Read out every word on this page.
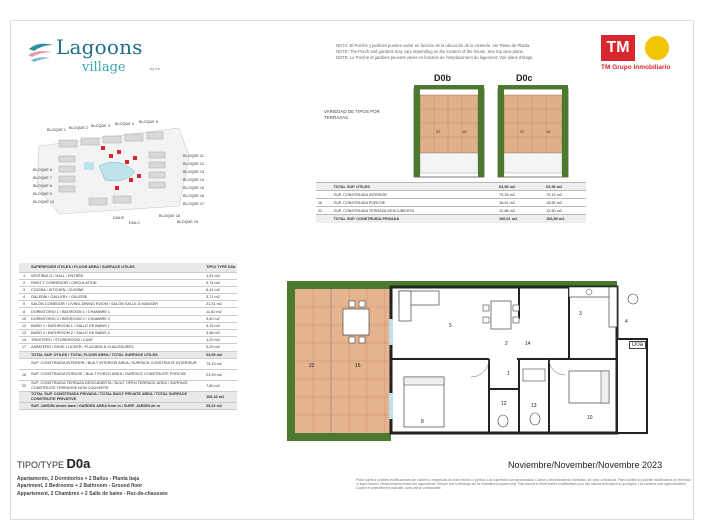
Lagoons
village	by tm
NOTA: El Porche y jardines pueden variar en función de la ubicación de la vivienda. Ver Plano de Planta.
NOTE: The Porch and gardens may vary depending on the location of the house. See top view plans.
NOTE: Le Porche et jardines peuvent varier en fonction de l'emplacement du logement. Voir plans d'étage.
TM
TM Grupo Inmobiliario
BLOQUE 1 BLOQUE 2 BLOQUE 3 BLOQUE 4 BLOQUE 5
BLOQUE 6
BLOQUE 7
BLOQUE 8
BLOQUE 9
BLOQUE 10
BLOQUE 11
BLOQUE 12
BLOQUE 13
BLOQUE 14
BLOQUE 15
BLOQUE 16
BLOQUE 17
BLOQUE 18
D0A B
D0A C	BLOQUE 19
VARIEDAD DE TIPOS POR TERRAZAS
D0b	D0c
22	18	22	18
	TOTAL SUP. ÚTILES	63,96 m2	63,96 m2
	SUP. CONSTRUIDA INTERIOR	79,15 m2	79,15 m2
16	SUP. CONSTRUIDA PORCHE	18,91 m2	18,82 m2
22	SUP. CONSTRUIDA TERRAZA DESCUBIERTA	12,88 m2	12,60 m2
	TOTAL SUP. CONSTRUIDA PRIVADA	106,91 m2	106,55 m2
	SUPERFICIES ÚTILES / FLOOR AREA / SURFACE UTILES	TIPO/ TYPE D0a
1	VESTÍBULO / HALL / ENTRÉE	1,51 m2
2	PASO Y CORREDOR / CIRCULATION	5,74 m2
3	COCINA / KITCHEN / CUISINE	6,41 m2
4	GALERÍA / GALLERY / GALERIE	3,71 m2
5	SALÓN COMEDOR / LIVING-DINING ROOM / SALON SALLE À MANGER	21,31 m2
8	DORMITORIO 1 / BEDROOM 1 / CHAMBRE 1	11,81 m2
10	DORMITORIO 2 / BEDROOM 2 / CHAMBRE 2	9,40 m2
12	BAÑO 1 / BATHROOM 1 / SALLE DE BAINS 1	4,15 m2
13	BAÑO 2 / BATHROOM 2 / SALLE DE BAINS 2	3,58 m2
14	TRASTERO / STOREROOM / CAVE	1,20 m2
17	ZAPATERO / SHOE LOCKER / PLACARD À CHAUSSURES	0,29 m2
	TOTAL SUP. ÚTILES / TOTAL FLOOR AREA / TOTAL SURFACE UTILES	63,96 m2
	SUP. CONSTRUIDA INTERIOR / BUILT INTERIOR AREA / SURFACE CONSTRUITE INTERIEUR	75,15 m2
16	SUP. CONSTRUIDA PORCHE / BUILT PORCH AREA / SURFACE CONSTRUITE PORCHE	23,39 m2
22	SUP. CONSTRUIDA TERRAZA DESCUBIERTA / BUILT OPEN TERRACE AREA / SURFACE CONSTRUITE TERRASSE NON COUVERTE	7,80 m2
	TOTAL SUP. CONSTRUIDA PRIVADA / TOTAL BUILT PRIVATE AREA / TOTAL SURFACE CONSTRUITE PRIVATIVE	106,33 m2
	SUP. JARDÍN desde bara / GARDEN AREA from m / SURF. JARDIN de m	25,42 m2
1
3
5
8
10
12	13
14
16
22
2
4
D0a
TIPO/TYPE D0a
Apartamento, 2 Dormitorios + 2 Baños - Planta baja
Apartment, 2 Bedrooms + 2 Bathroom - Ground floor
Appartement, 2 Chambres + 2 Salle de bains - Rez-de-chaussée
Noviembre/November/Novembre 2023
Plano sujeto a posibles modificaciones por razones o exigencias de orden técnico o jurídico. Las superficies son aproximadas. Cocina y amueblamiento orientativo, sin valor contractual. Plans subject to possible modifications for technical or legal reasons. Measurements shown are approximate. Kitchen and furnishings are for illustrative purposes only. Plan soumis à d'éventuelles modifications pour des raisons techniques ou juridiques. Les surfaces sont approximatives. Cuisine et ameublement indicatifs, sans valeur contractuelle.
